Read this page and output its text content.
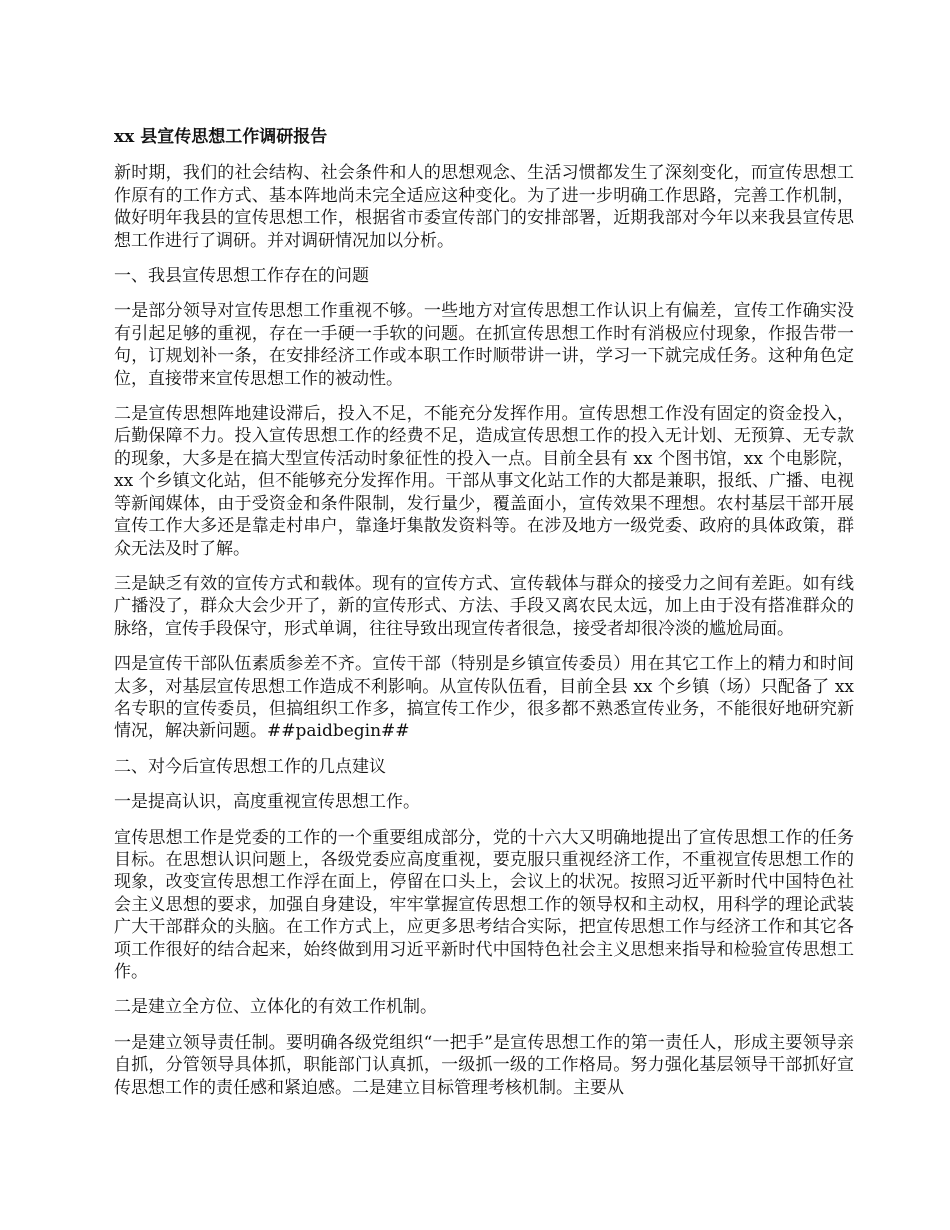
xx 县宣传思想工作调研报告

新时期，我们的社会结构、社会条件和人的思想观念、生活习惯都发生了深刻变化，而宣传思想工作原有的工作方式、基本阵地尚未完全适应这种变化。为了进一步明确工作思路，完善工作机制，做好明年我县的宣传思想工作，根据省市委宣传部门的安排部署，近期我部对今年以来我县宣传思想工作进行了调研。并对调研情况加以分析。

一、我县宣传思想工作存在的问题

一是部分领导对宣传思想工作重视不够。一些地方对宣传思想工作认识上有偏差，宣传工作确实没有引起足够的重视，存在一手硬一手软的问题。在抓宣传思想工作时有消极应付现象，作报告带一句，订规划补一条，在安排经济工作或本职工作时顺带讲一讲，学习一下就完成任务。这种角色定位，直接带来宣传思想工作的被动性。

二是宣传思想阵地建设滞后，投入不足，不能充分发挥作用。宣传思想工作没有固定的资金投入，后勤保障不力。投入宣传思想工作的经费不足，造成宣传思想工作的投入无计划、无预算、无专款的现象，大多是在搞大型宣传活动时象征性的投入一点。目前全县有 xx 个图书馆，xx 个电影院，xx 个乡镇文化站，但不能够充分发挥作用。干部从事文化站工作的大都是兼职，报纸、广播、电视等新闻媒体，由于受资金和条件限制，发行量少，覆盖面小，宣传效果不理想。农村基层干部开展宣传工作大多还是靠走村串户，靠逢圩集散发资料等。在涉及地方一级党委、政府的具体政策，群众无法及时了解。

三是缺乏有效的宣传方式和载体。现有的宣传方式、宣传载体与群众的接受力之间有差距。如有线广播没了，群众大会少开了，新的宣传形式、方法、手段又离农民太远，加上由于没有搭准群众的脉络，宣传手段保守，形式单调，往往导致出现宣传者很急，接受者却很冷淡的尴尬局面。

四是宣传干部队伍素质参差不齐。宣传干部（特别是乡镇宣传委员）用在其它工作上的精力和时间太多，对基层宣传思想工作造成不利影响。从宣传队伍看，目前全县 xx 个乡镇（场）只配备了 xx 名专职的宣传委员，但搞组织工作多，搞宣传工作少，很多都不熟悉宣传业务，不能很好地研究新情况，解决新问题。##paidbegin##

二、对今后宣传思想工作的几点建议

一是提高认识，高度重视宣传思想工作。

宣传思想工作是党委的工作的一个重要组成部分，党的十六大又明确地提出了宣传思想工作的任务目标。在思想认识问题上，各级党委应高度重视，要克服只重视经济工作，不重视宣传思想工作的现象，改变宣传思想工作浮在面上，停留在口头上，会议上的状况。按照习近平新时代中国特色社会主义思想的要求，加强自身建设，牢牢掌握宣传思想工作的领导权和主动权，用科学的理论武装广大干部群众的头脑。在工作方式上，应更多思考结合实际，把宣传思想工作与经济工作和其它各项工作很好的结合起来，始终做到用习近平新时代中国特色社会主义思想来指导和检验宣传思想工作。

二是建立全方位、立体化的有效工作机制。

一是建立领导责任制。要明确各级党组织“一把手”是宣传思想工作的第一责任人，形成主要领导亲自抓，分管领导具体抓，职能部门认真抓，一级抓一级的工作格局。努力强化基层领导干部抓好宣传思想工作的责任感和紧迫感。二是建立目标管理考核机制。主要从
